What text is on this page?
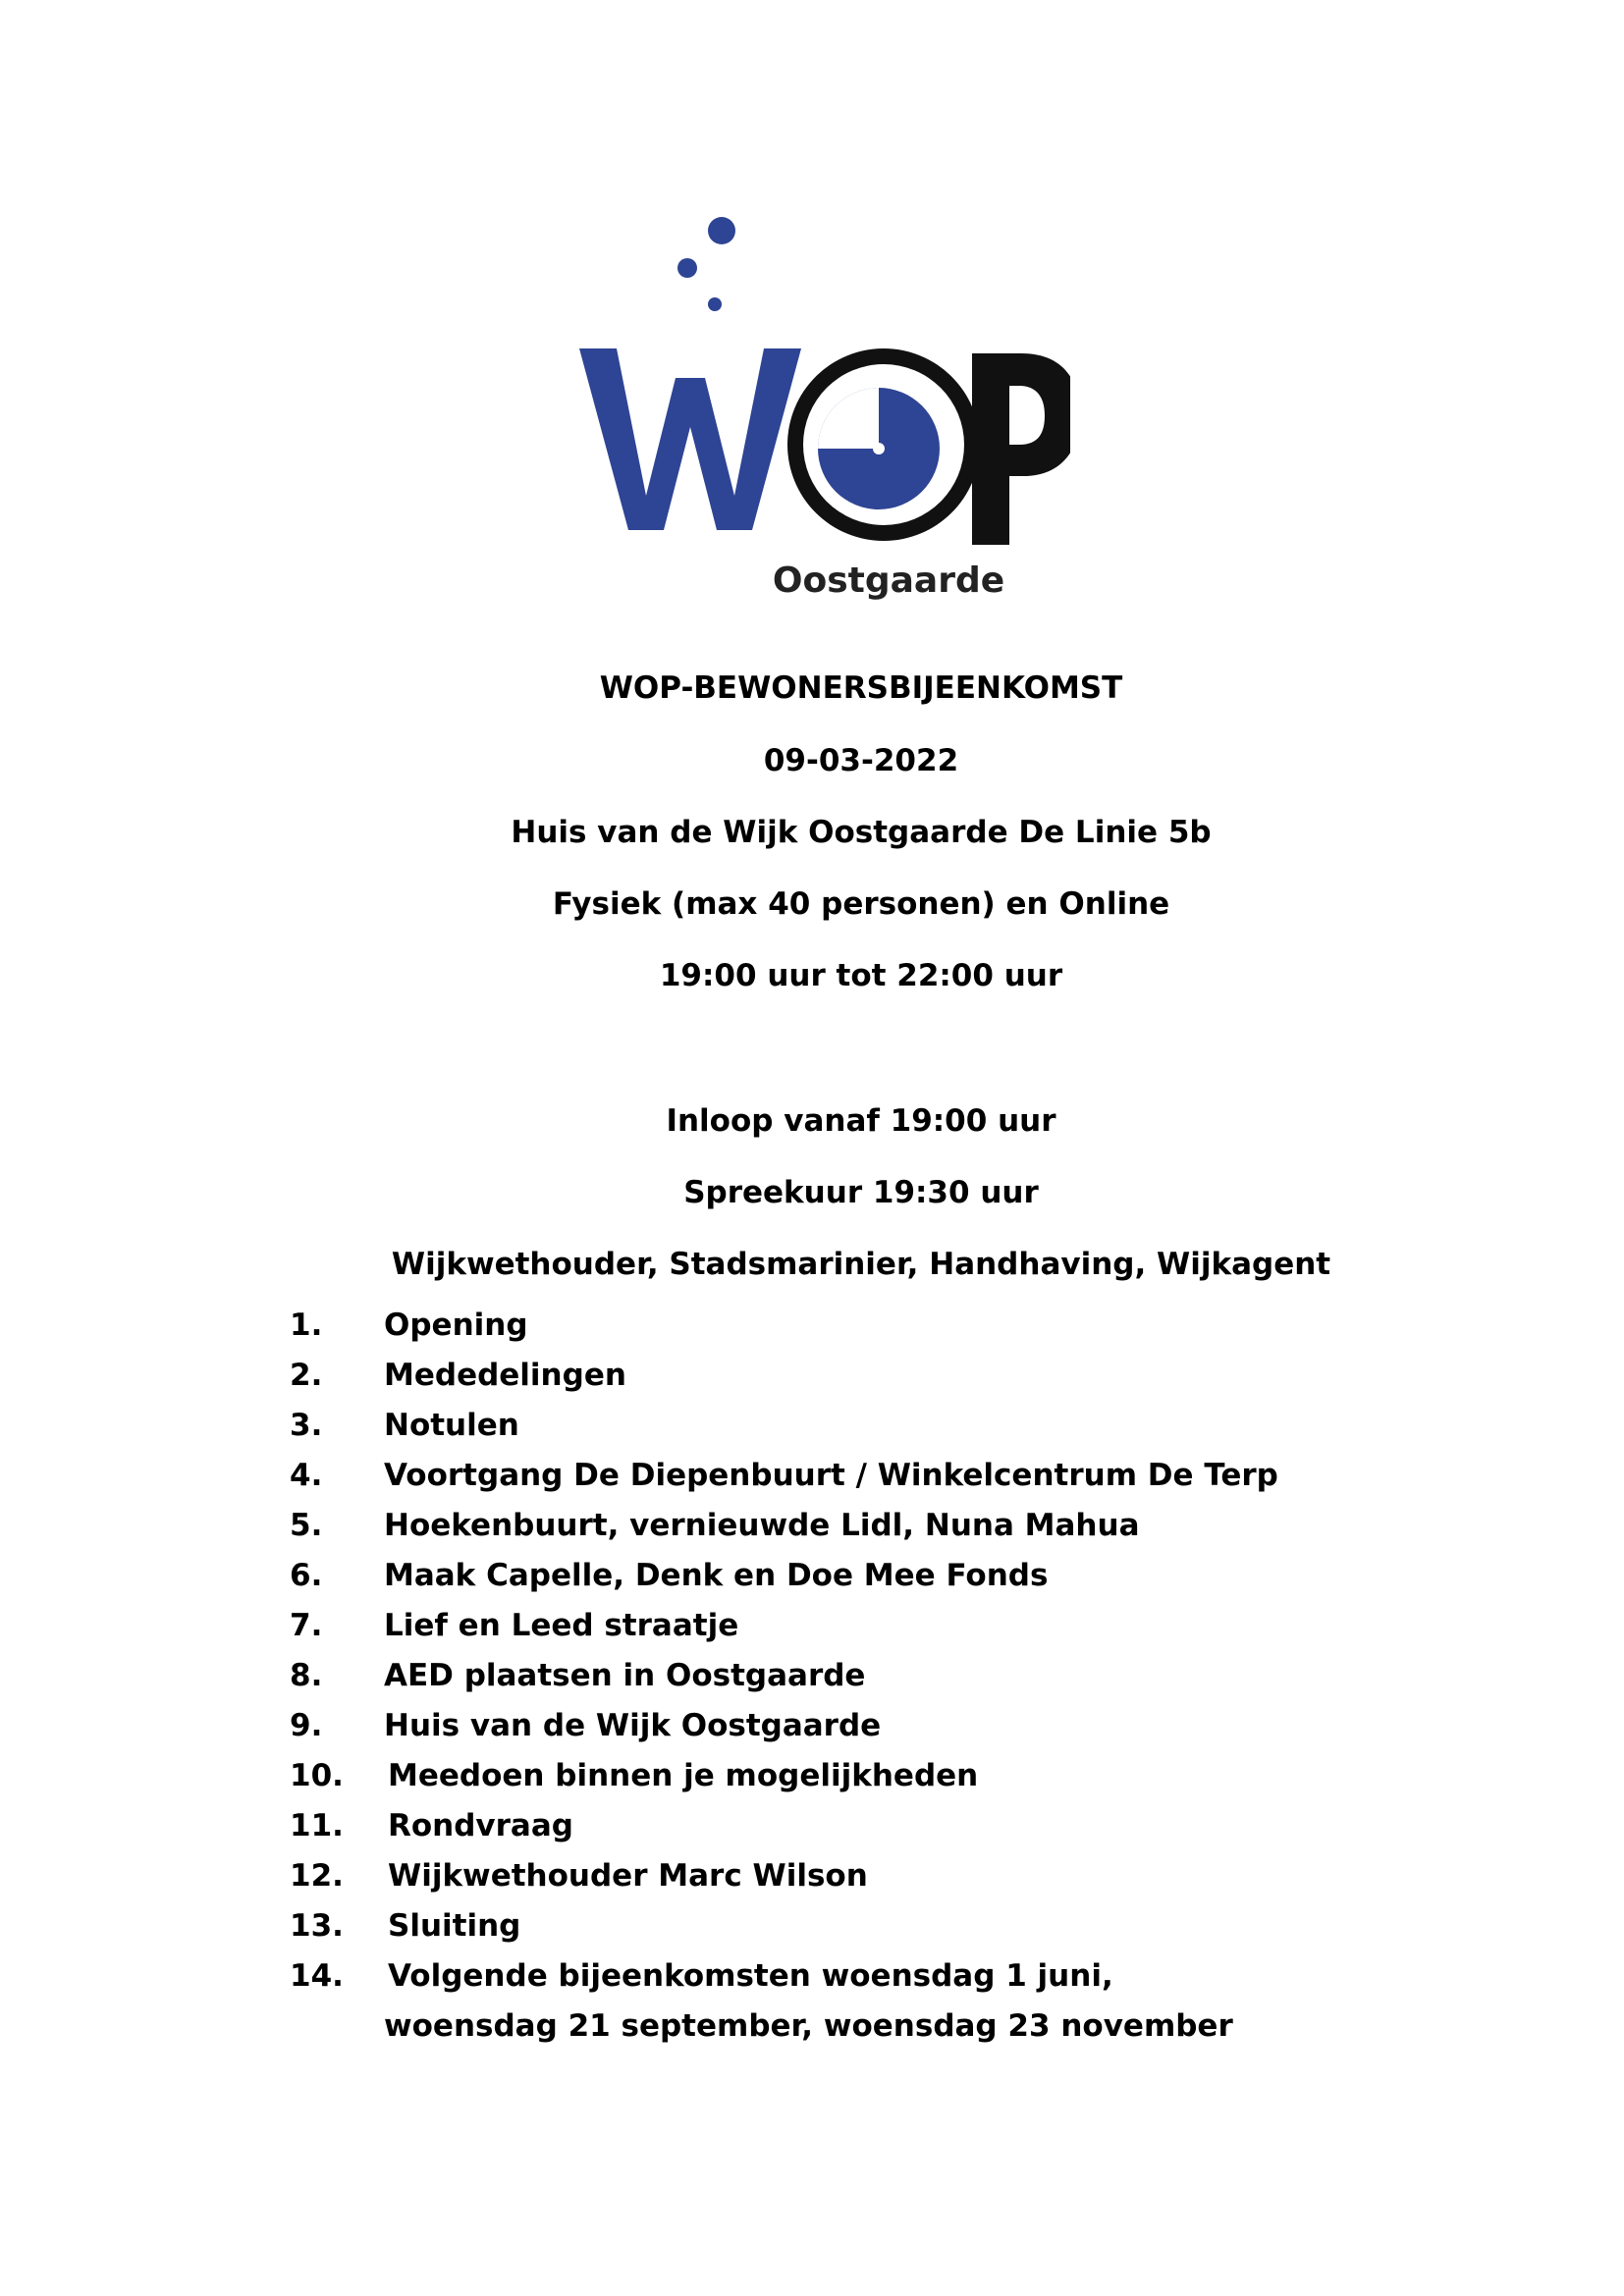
Oostgaarde
WOP-BEWONERSBIJEENKOMST
09-03-2022
Huis van de Wijk Oostgaarde De Linie 5b
Fysiek (max 40 personen) en Online
19:00 uur tot 22:00 uur
Inloop vanaf 19:00 uur
Spreekuur 19:30 uur
Wijkwethouder, Stadsmarinier, Handhaving, Wijkagent
1. Opening
2. Mededelingen
3. Notulen
4. Voortgang De Diepenbuurt / Winkelcentrum De Terp
5. Hoekenbuurt, vernieuwde Lidl, Nuna Mahua
6. Maak Capelle, Denk en Doe Mee Fonds
7. Lief en Leed straatje
8. AED plaatsen in Oostgaarde
9. Huis van de Wijk Oostgaarde
10. Meedoen binnen je mogelijkheden
11. Rondvraag
12. Wijkwethouder Marc Wilson
13. Sluiting
14. Volgende bijeenkomsten woensdag 1 juni,
woensdag 21 september, woensdag 23 november
